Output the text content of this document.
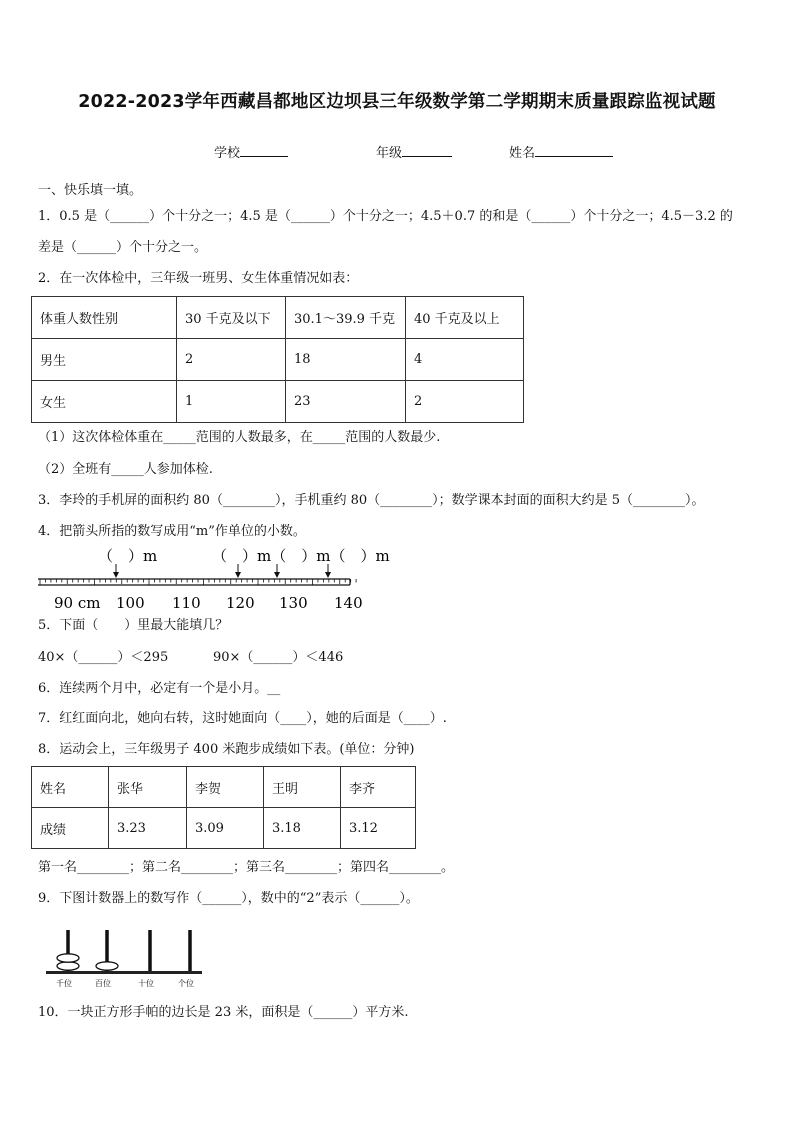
2022-2023学年西藏昌都地区边坝县三年级数学第二学期期末质量跟踪监视试题
学校	年级	姓名
一、快乐填一填。
1．0.5 是（______）个十分之一；4.5 是（______）个十分之一；4.5＋0.7 的和是（______）个十分之一；4.5－3.2 的
差是（______）个十分之一。
2．在一次体检中，三年级一班男、女生体重情况如表：
体重人数性别	30 千克及以下	30.1～39.9 千克	40 千克及以上
男生	2	18	4
女生	1	23	2
（1）这次体检体重在_____范围的人数最多，在_____范围的人数最少.
（2）全班有_____人参加体检.
3．李玲的手机屏的面积约 80（________），手机重约 80（________）；数学课本封面的面积大约是 5（________）。
4．把箭头所指的数写成用“m”作单位的小数。
（　）m	（　）m（　）m（　）m
90 cm 100 110 120 130 140
5．下面（　　）里最大能填几？
40×（______）＜295	90×（______）＜446
6．连续两个月中，必定有一个是小月。__
7．红红面向北，她向右转，这时她面向（____），她的后面是（____）.
8．运动会上，三年级男子 400 米跑步成绩如下表。(单位：分钟)
姓名	张华	李贺	王明	李齐
成绩	3.23	3.09	3.18	3.12
第一名________；第二名________；第三名________；第四名________。
9．下图计数器上的数写作（______），数中的“2”表示（______）。
千位	百位	十位	个位
10．一块正方形手帕的边长是 23 米，面积是（______）平方米.
